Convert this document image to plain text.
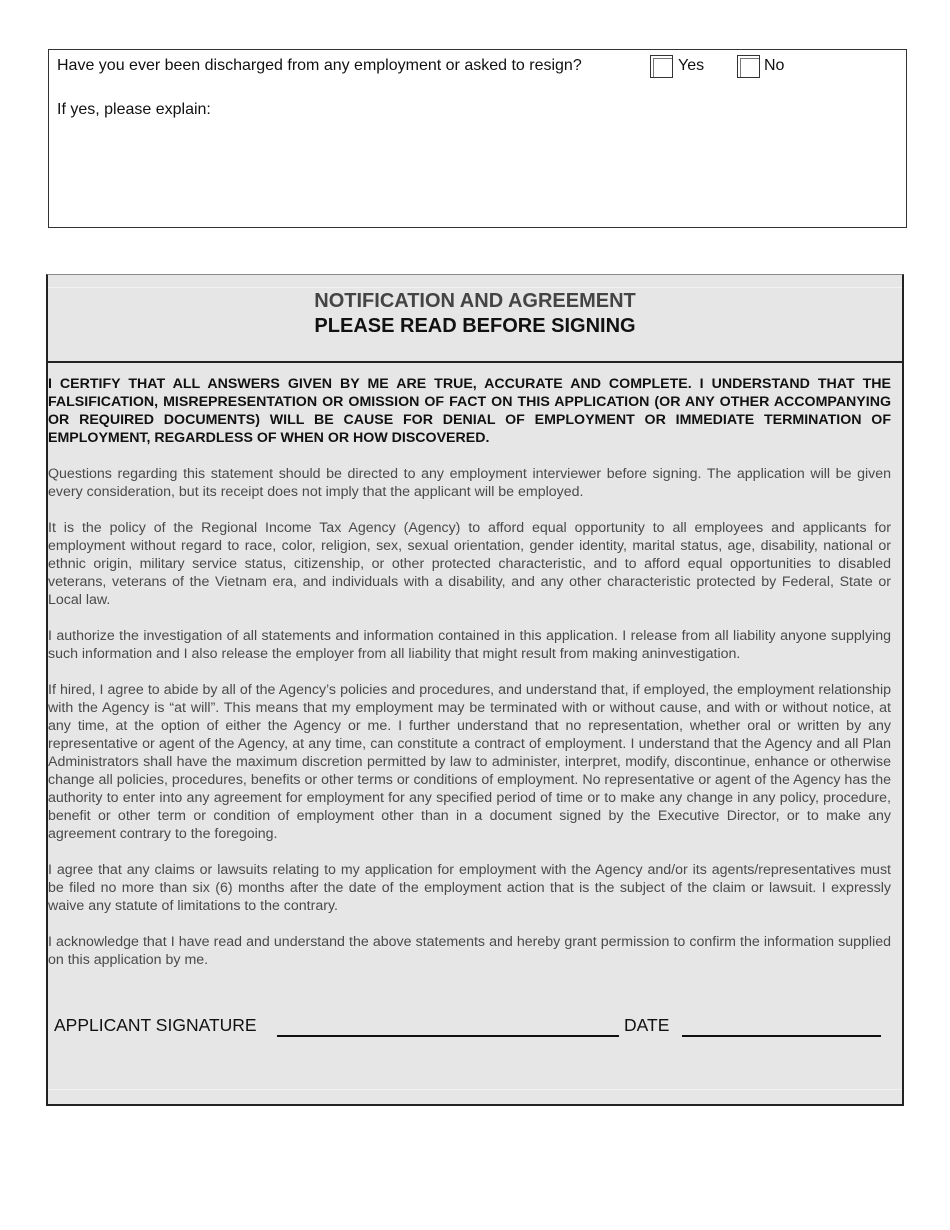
Have you ever been discharged from any employment or asked to resign?	Yes	No
If yes, please explain:
NOTIFICATION AND AGREEMENT
PLEASE READ BEFORE SIGNING

I CERTIFY THAT ALL ANSWERS GIVEN BY ME ARE TRUE, ACCURATE AND COMPLETE. I UNDERSTAND THAT THE FALSIFICATION, MISREPRESENTATION OR OMISSION OF FACT ON THIS APPLICATION (OR ANY OTHER ACCOMPANYING OR REQUIRED DOCUMENTS) WILL BE CAUSE FOR DENIAL OF EMPLOYMENT OR IMMEDIATE TERMINATION OF EMPLOYMENT, REGARDLESS OF WHEN OR HOW DISCOVERED.

Questions regarding this statement should be directed to any employment interviewer before signing. The application will be given every consideration, but its receipt does not imply that the applicant will be employed.

It is the policy of the Regional Income Tax Agency (Agency) to afford equal opportunity to all employees and applicants for employment without regard to race, color, religion, sex, sexual orientation, gender identity, marital status, age, disability, national or ethnic origin, military service status, citizenship, or other protected characteristic, and to afford equal opportunities to disabled veterans, veterans of the Vietnam era, and individuals with a disability, and any other characteristic protected by Federal, State or Local law.

I authorize the investigation of all statements and information contained in this application. I release from all liability anyone supplying such information and I also release the employer from all liability that might result from making aninvestigation.

If hired, I agree to abide by all of the Agency’s policies and procedures, and understand that, if employed, the employment relationship with the Agency is “at will”. This means that my employment may be terminated with or without cause, and with or without notice, at any time, at the option of either the Agency or me. I further understand that no representation, whether oral or written by any representative or agent of the Agency, at any time, can constitute a contract of employment. I understand that the Agency and all Plan Administrators shall have the maximum discretion permitted by law to administer, interpret, modify, discontinue, enhance or otherwise change all policies, procedures, benefits or other terms or conditions of employment. No representative or agent of the Agency has the authority to enter into any agreement for employment for any specified period of time or to make any change in any policy, procedure, benefit or other term or condition of employment other than in a document signed by the Executive Director, or to make any agreement contrary to the foregoing.

I agree that any claims or lawsuits relating to my application for employment with the Agency and/or its agents/representatives must be filed no more than six (6) months after the date of the employment action that is the subject of the claim or lawsuit. I expressly waive any statute of limitations to the contrary.

I acknowledge that I have read and understand the above statements and hereby grant permission to confirm the information supplied on this application by me.

APPLICANT SIGNATURE	DATE
